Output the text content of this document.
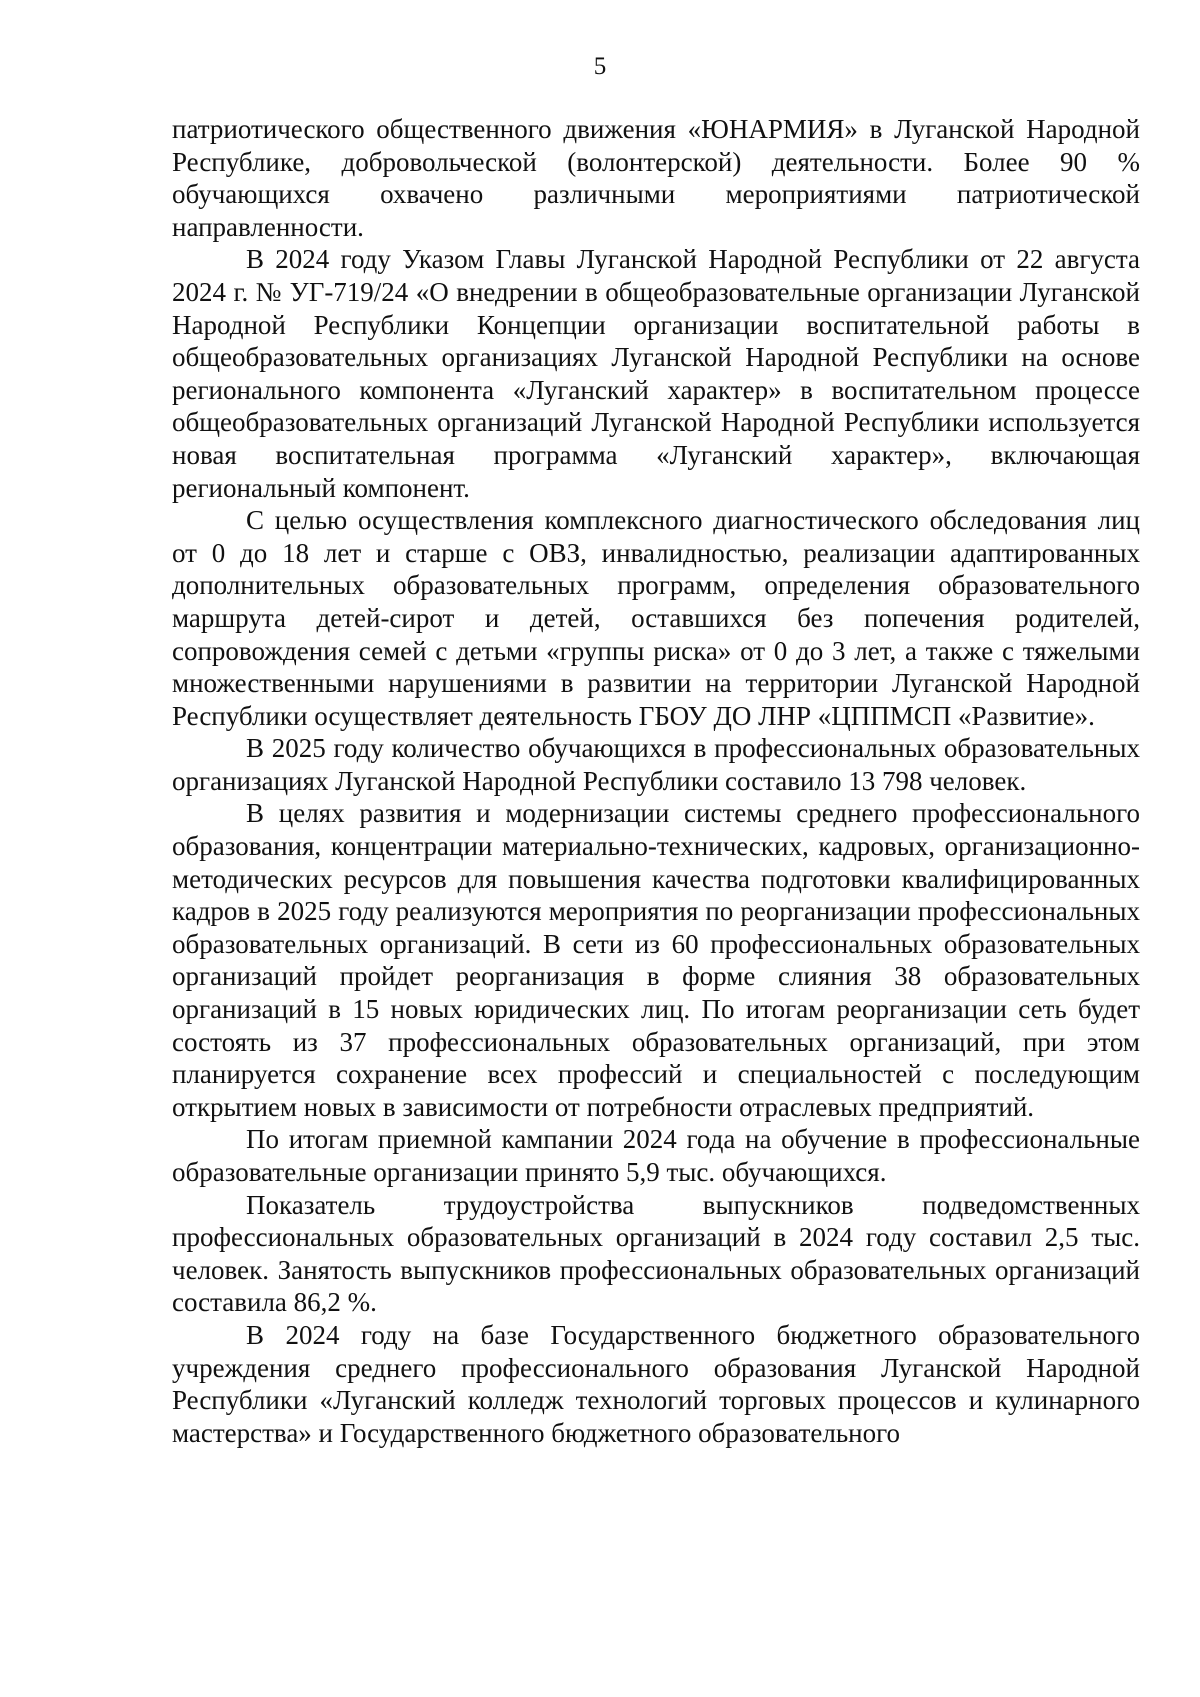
5

патриотического общественного движения «ЮНАРМИЯ» в Луганской Народной Республике, добровольческой (волонтерской) деятельности. Более 90 % обучающихся охвачено различными мероприятиями патриотической направленности.

В 2024 году Указом Главы Луганской Народной Республики от 22 августа 2024 г. № УГ-719/24 «О внедрении в общеобразовательные организации Луганской Народной Республики Концепции организации воспитательной работы в общеобразовательных организациях Луганской Народной Республики на основе регионального компонента «Луганский характер» в воспитательном процессе общеобразовательных организаций Луганской Народной Республики используется новая воспитательная программа «Луганский характер», включающая региональный компонент.

С целью осуществления комплексного диагностического обследования лиц от 0 до 18 лет и старше с ОВЗ, инвалидностью, реализации адаптированных дополнительных образовательных программ, определения образовательного маршрута детей-сирот и детей, оставшихся без попечения родителей, сопровождения семей с детьми «группы риска» от 0 до 3 лет, а также с тяжелыми множественными нарушениями в развитии на территории Луганской Народной Республики осуществляет деятельность ГБОУ ДО ЛНР «ЦППМСП «Развитие».

В 2025 году количество обучающихся в профессиональных образовательных организациях Луганской Народной Республики составило 13 798 человек.

В целях развития и модернизации системы среднего профессионального образования, концентрации материально-технических, кадровых, организационно-методических ресурсов для повышения качества подготовки квалифицированных кадров в 2025 году реализуются мероприятия по реорганизации профессиональных образовательных организаций. В сети из 60 профессиональных образовательных организаций пройдет реорганизация в форме слияния 38 образовательных организаций в 15 новых юридических лиц. По итогам реорганизации сеть будет состоять из 37 профессиональных образовательных организаций, при этом планируется сохранение всех профессий и специальностей с последующим открытием новых в зависимости от потребности отраслевых предприятий.

По итогам приемной кампании 2024 года на обучение в профессиональные образовательные организации принято 5,9 тыс. обучающихся.

Показатель трудоустройства выпускников подведомственных профессиональных образовательных организаций в 2024 году составил 2,5 тыс. человек. Занятость выпускников профессиональных образовательных организаций составила 86,2 %.

В 2024 году на базе Государственного бюджетного образовательного учреждения среднего профессионального образования Луганской Народной Республики «Луганский колледж технологий торговых процессов и кулинарного мастерства» и Государственного бюджетного образовательного
